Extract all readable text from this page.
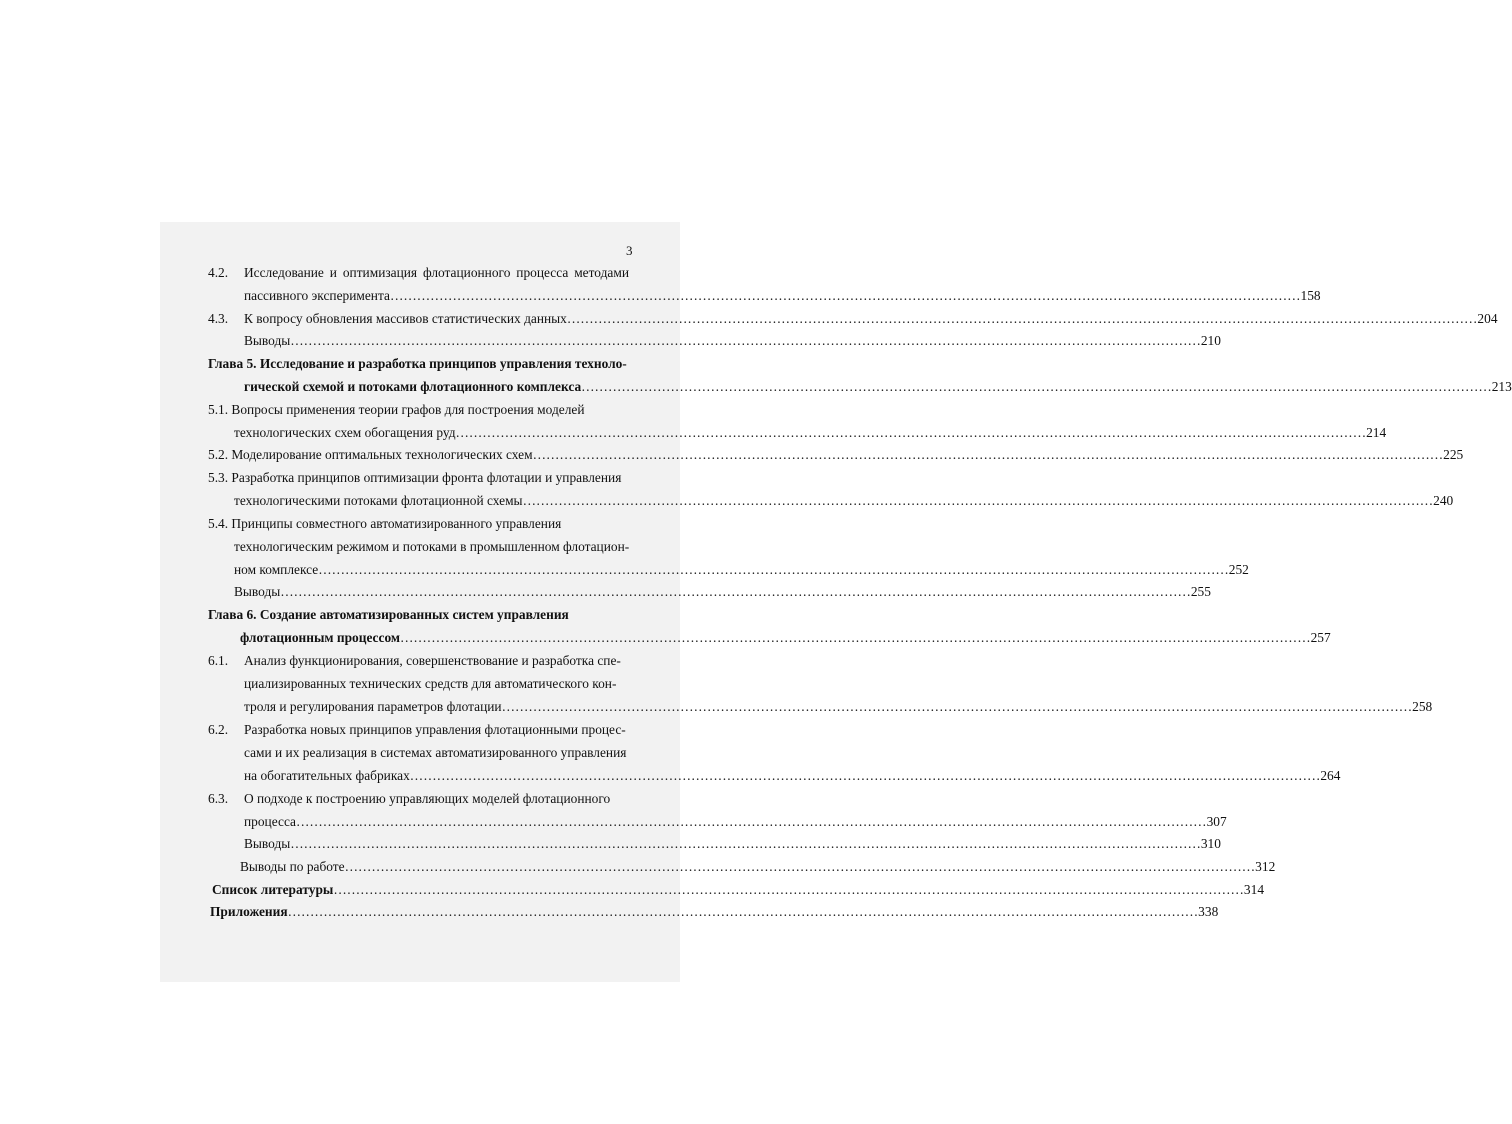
3
4.2.	Исследование и оптимизация флотационного процесса методами
пассивного эксперимента ……………………………………………………………………………………………………………………………………………………………………………………	158
4.3.	К вопросу обновления массивов статистических данных ……………………………………………………………………………………………………………………………………………………………………………………	204
Выводы ……………………………………………………………………………………………………………………………………………………………………………………	210
Глава 5. Исследование и разработка принципов управления техноло-
гической схемой и потоками флотационного комплекса ……………………………………………………………………………………………………………………………………………………………………………………	213
5.1. Вопросы применения теории графов для построения моделей
технологических схем обогащения руд ……………………………………………………………………………………………………………………………………………………………………………………	214
5.2. Моделирование оптимальных технологических схем ……………………………………………………………………………………………………………………………………………………………………………………	225
5.3. Разработка принципов оптимизации фронта флотации и управления
технологическими потоками флотационной схемы ……………………………………………………………………………………………………………………………………………………………………………………	240
5.4. Принципы совместного автоматизированного управления
технологическим режимом и потоками в промышленном флотацион-
ном комплексе ……………………………………………………………………………………………………………………………………………………………………………………	252
Выводы ……………………………………………………………………………………………………………………………………………………………………………………	255
Глава 6. Создание автоматизированных систем управления
флотационным процессом ……………………………………………………………………………………………………………………………………………………………………………………	257
6.1.	Анализ функционирования, совершенствование и разработка спе-
циализированных технических средств для автоматического кон-
троля и регулирования параметров флотации ……………………………………………………………………………………………………………………………………………………………………………………	258
6.2.	Разработка новых принципов управления флотационными процес-
сами и их реализация в системах автоматизированного управления
на обогатительных фабриках ……………………………………………………………………………………………………………………………………………………………………………………	264
6.3.	О подходе к построению управляющих моделей флотационного
процесса ……………………………………………………………………………………………………………………………………………………………………………………	307
Выводы ……………………………………………………………………………………………………………………………………………………………………………………	310
Выводы по работе ……………………………………………………………………………………………………………………………………………………………………………………	312
Список литературы ……………………………………………………………………………………………………………………………………………………………………………………	314
Приложения ……………………………………………………………………………………………………………………………………………………………………………………	338
